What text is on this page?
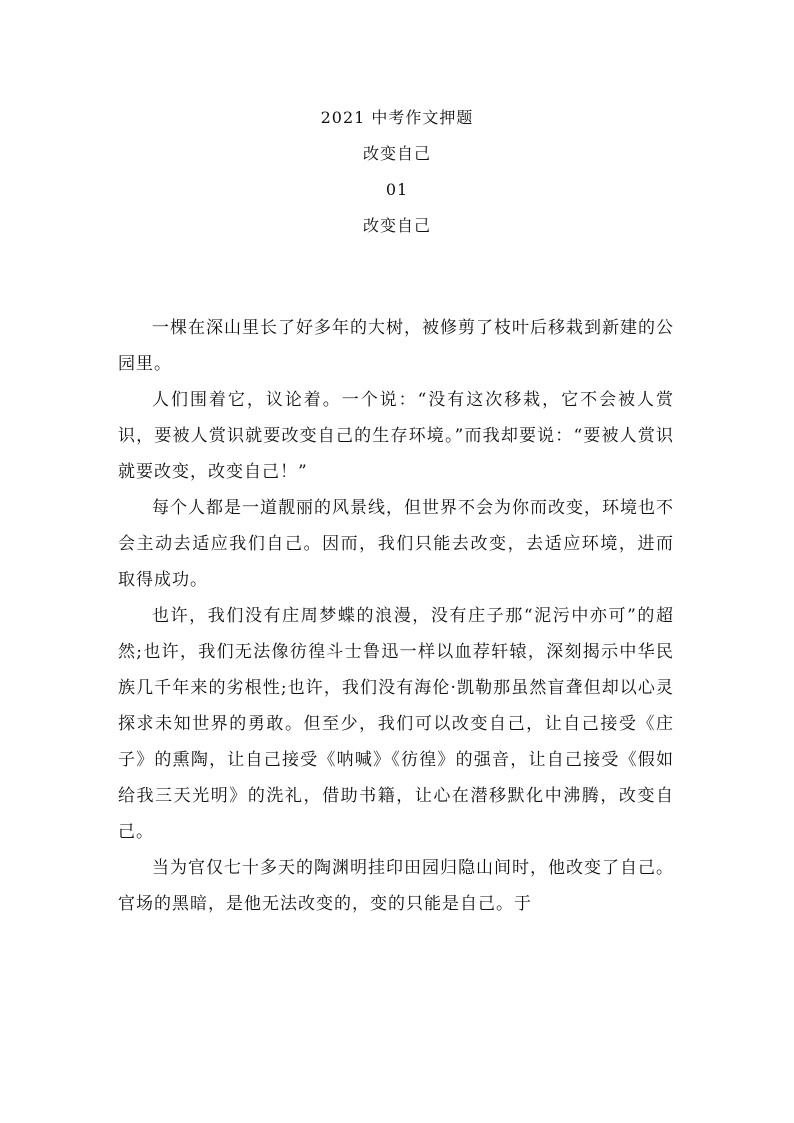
2021 中考作文押题
改变自己
01
改变自己

一棵在深山里长了好多年的大树，被修剪了枝叶后移栽到新建的公园里。

人们围着它，议论着。一个说：“没有这次移栽，它不会被人赏识，要被人赏识就要改变自己的生存环境。”而我却要说：“要被人赏识就要改变，改变自己！”

每个人都是一道靓丽的风景线，但世界不会为你而改变，环境也不会主动去适应我们自己。因而，我们只能去改变，去适应环境，进而取得成功。

也许，我们没有庄周梦蝶的浪漫，没有庄子那“泥污中亦可”的超然;也许，我们无法像彷徨斗士鲁迅一样以血荐轩辕，深刻揭示中华民族几千年来的劣根性;也许，我们没有海伦·凯勒那虽然盲聋但却以心灵探求未知世界的勇敢。但至少，我们可以改变自己，让自己接受《庄子》的熏陶，让自己接受《呐喊》《彷徨》的强音，让自己接受《假如给我三天光明》的洗礼，借助书籍，让心在潜移默化中沸腾，改变自己。

当为官仅七十多天的陶渊明挂印田园归隐山间时，他改变了自己。官场的黑暗，是他无法改变的，变的只能是自己。于
